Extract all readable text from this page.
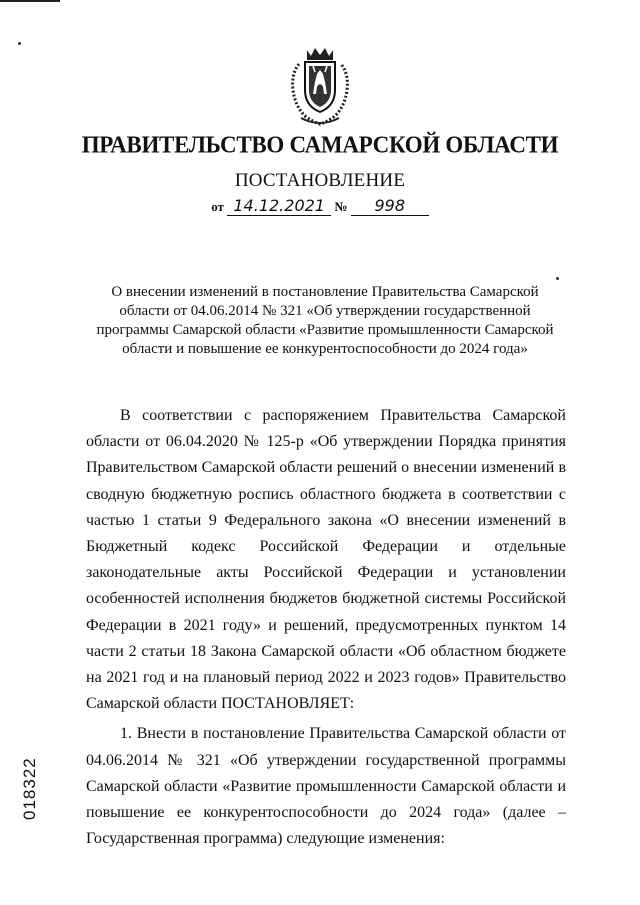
ПРАВИТЕЛЬСТВО САМАРСКОЙ ОБЛАСТИ
ПОСТАНОВЛЕНИЕ
от 14.12.2021 № 998
О внесении изменений в постановление Правительства Самарской области от 04.06.2014 № 321 «Об утверждении государственной программы Самарской области «Развитие промышленности Самарской области и повышение ее конкурентоспособности до 2024 года»

В соответствии с распоряжением Правительства Самарской области от 06.04.2020 № 125-р «Об утверждении Порядка принятия Правительством Самарской области решений о внесении изменений в сводную бюджетную роспись областного бюджета в соответствии с частью 1 статьи 9 Федерального закона «О внесении изменений в Бюджетный кодекс Российской Федерации и отдельные законодательные акты Российской Федерации и установлении особенностей исполнения бюджетов бюджетной системы Российской Федерации в 2021 году» и решений, предусмотренных пунктом 14 части 2 статьи 18 Закона Самарской области «Об областном бюджете на 2021 год и на плановый период 2022 и 2023 годов» Правительство Самарской области ПОСТАНОВЛЯЕТ:

1. Внести в постановление Правительства Самарской области от 04.06.2014 № 321 «Об утверждении государственной программы Самарской области «Развитие промышленности Самарской области и повышение ее конкурентоспособности до 2024 года» (далее – Государственная программа) следующие изменения:

018322
